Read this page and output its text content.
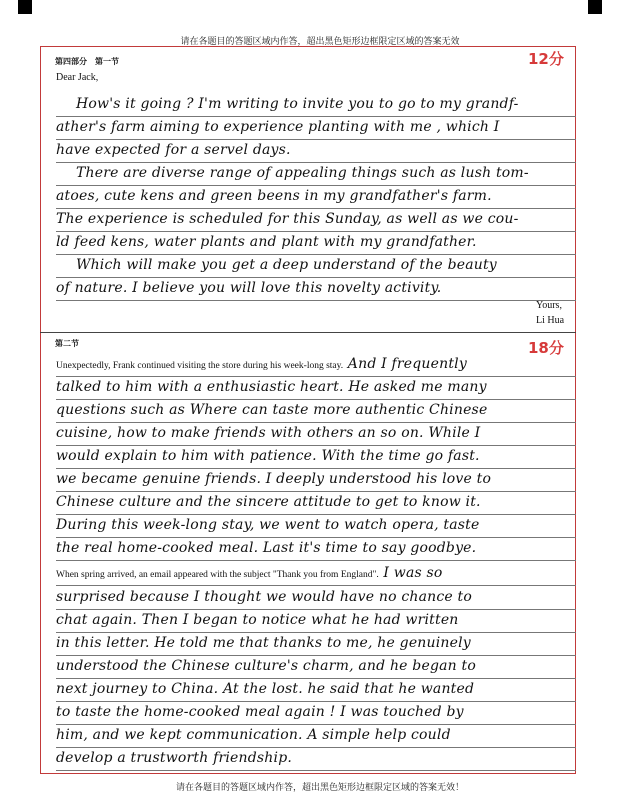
请在各题目的答题区域内作答，超出黑色矩形边框限定区域的答案无效
第四部分　第一节	12分
Dear Jack,
How's it going ? I'm writing to invite you to go to my grandf-
ather's farm aiming to experience planting with me , which I
have expected for a servel days.
There are diverse range of appealing things such as lush tom-
atoes, cute kens and green beens in my grandfather's farm.
The experience is scheduled for this Sunday, as well as we cou-
ld feed kens, water plants and plant with my grandfather.
Which will make you get a deep understand of the beauty
of nature. I believe you will love this novelty activity.
Yours,
Li Hua
第二节	18分
Unexpectedly, Frank continued visiting the store during his week-long stay. And I frequently
talked to him with a enthusiastic heart. He asked me many
questions such as Where can taste more authentic Chinese
cuisine, how to make friends with others an so on. While I
would explain to him with patience. With the time go fast.
we became genuine friends. I deeply understood his love to
Chinese culture and the sincere attitude to get to know it.
During this week-long stay, we went to watch opera, taste
the real home-cooked meal. Last it's time to say goodbye.
When spring arrived, an email appeared with the subject "Thank you from England". I was so
surprised because I thought we would have no chance to
chat again. Then I began to notice what he had written
in this letter. He told me that thanks to me, he genuinely
understood the Chinese culture's charm, and he began to
next journey to China. At the lost. he said that he wanted
to taste the home-cooked meal again ! I was touched by
him, and we kept communication. A simple help could
develop a trustworth friendship.
请在各题目的答题区域内作答，超出黑色矩形边框限定区域的答案无效！
